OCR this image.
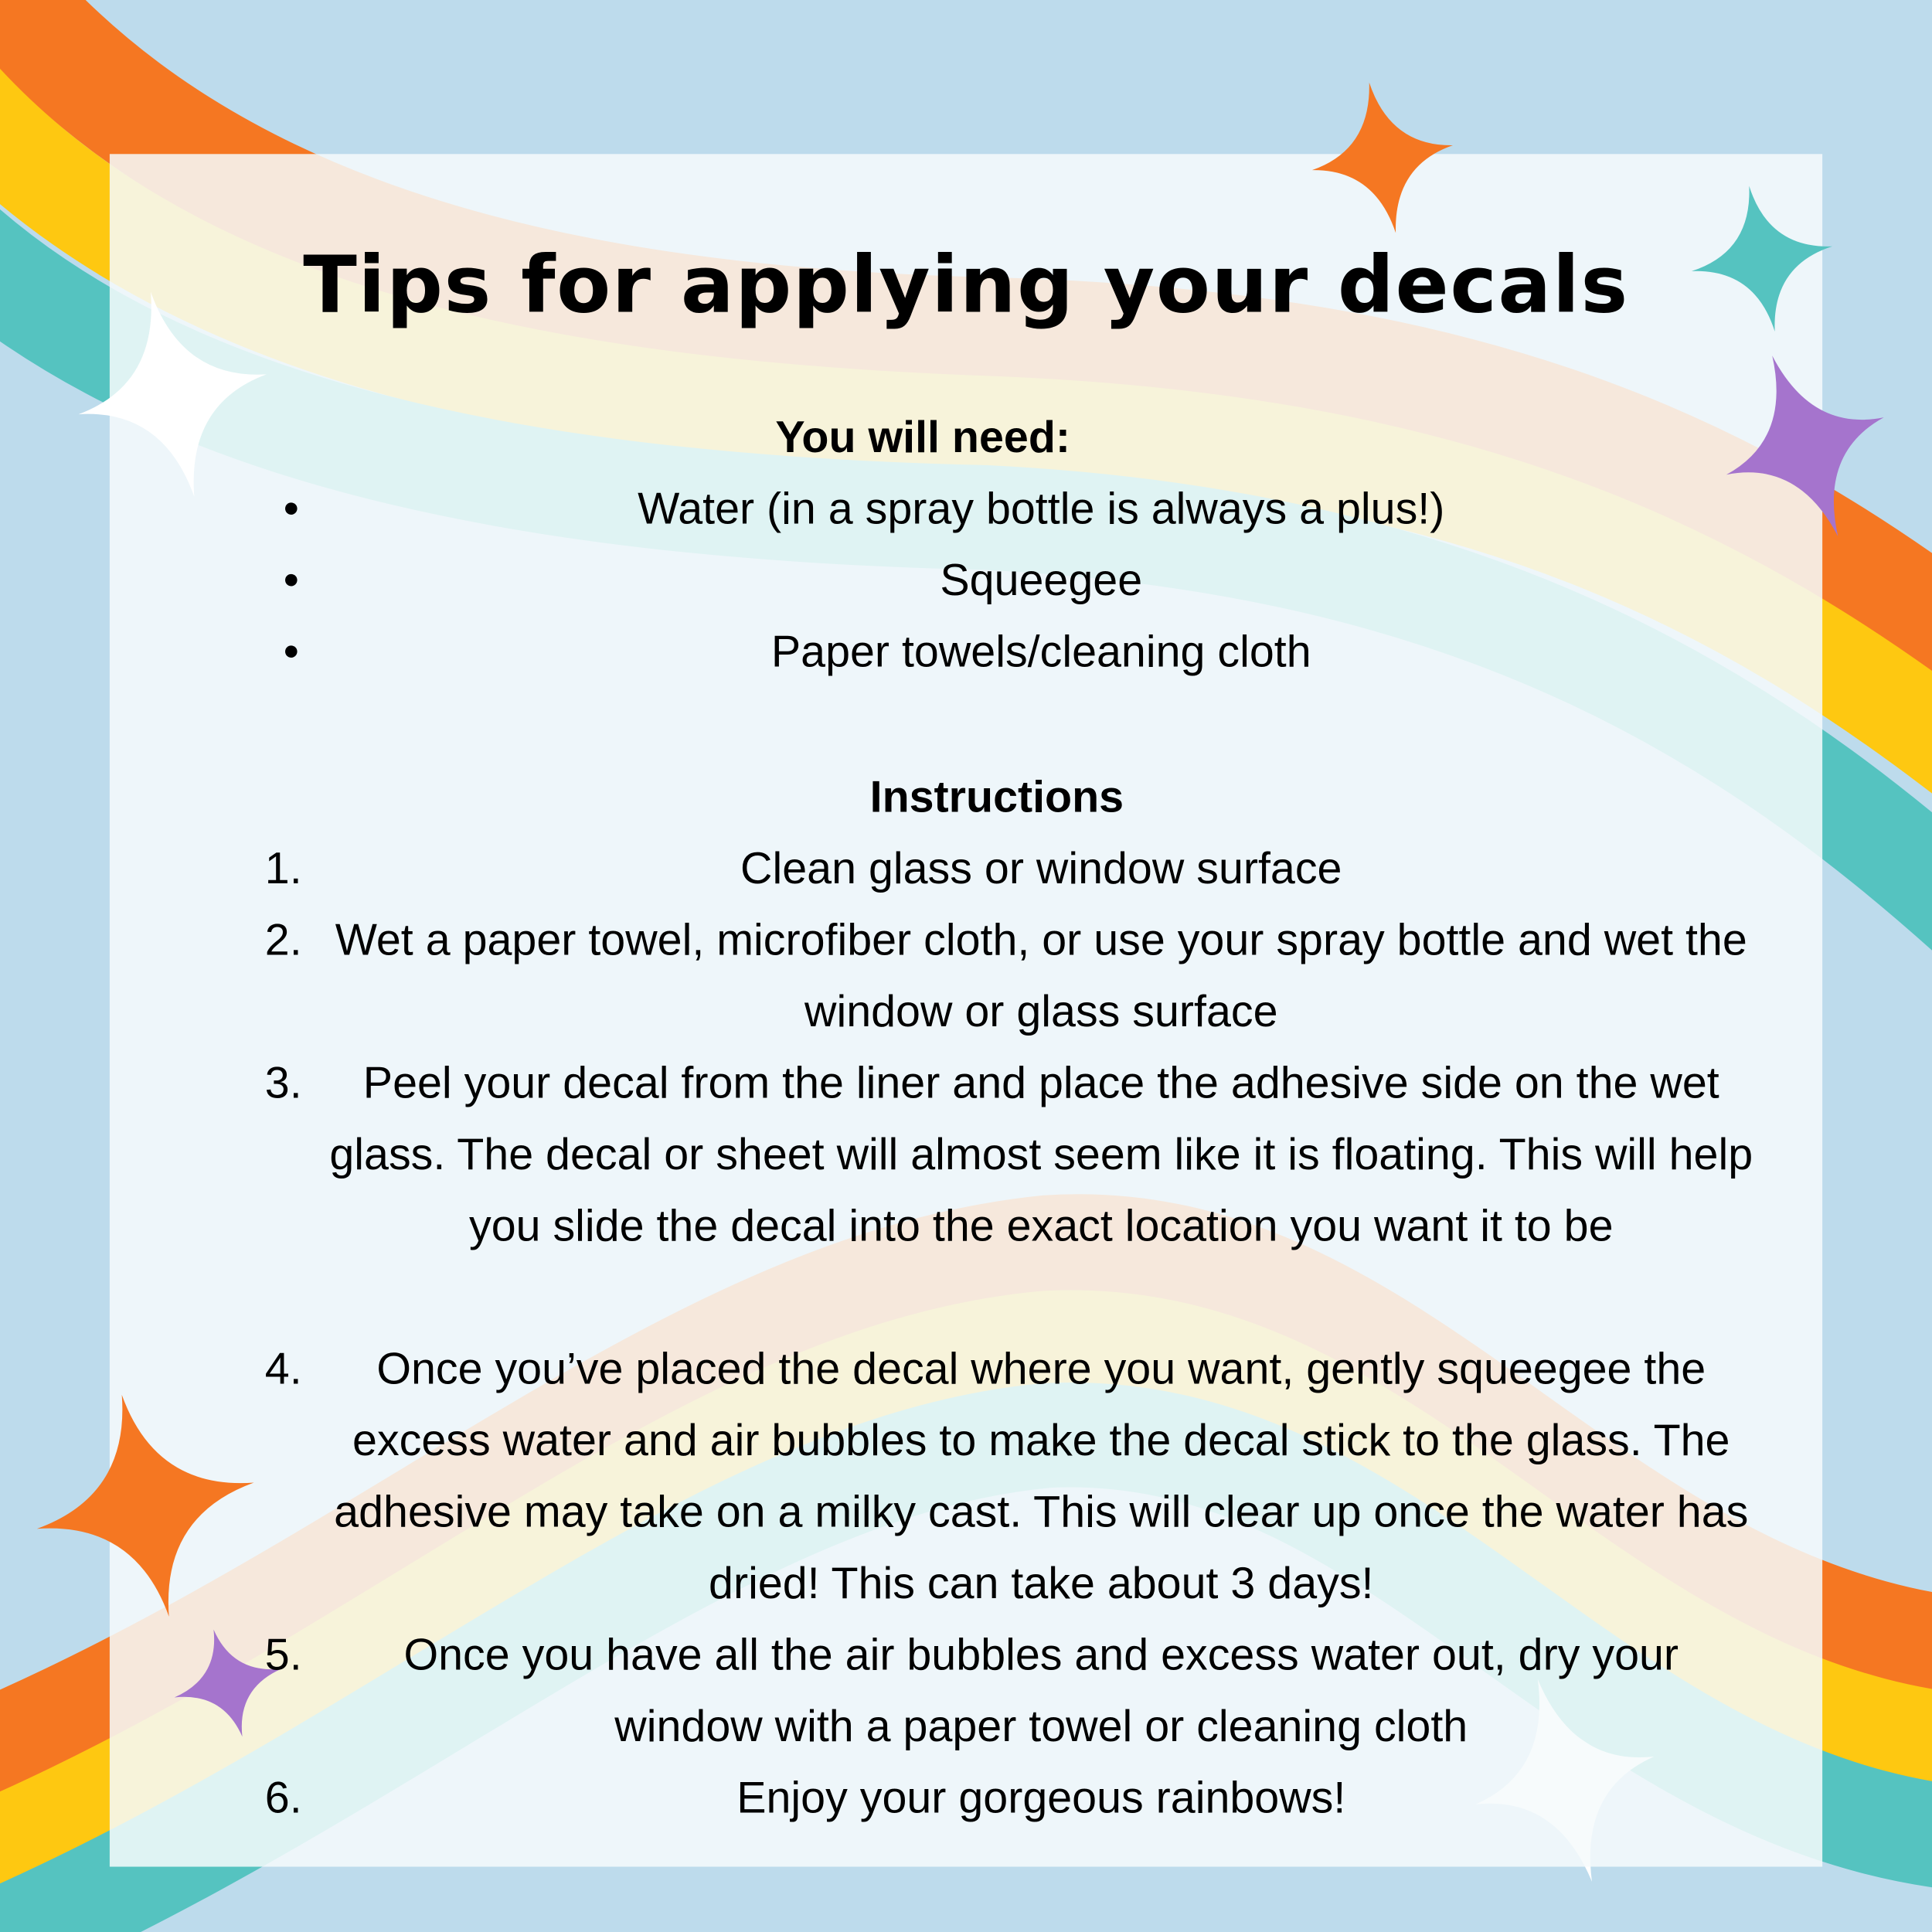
Tips for applying your decals
You will need:
•	Water (in a spray bottle is always a plus!)
•	Squeegee
•	Paper towels/cleaning cloth
Instructions
1.	Clean glass or window surface
2. Wet a paper towel, microfiber cloth, or use your spray bottle and wet the window or glass surface
3. Peel your decal from the liner and place the adhesive side on the wet glass. The decal or sheet will almost seem like it is floating. This will help you slide the decal into the exact location you want it to be
4.	Once you’ve placed the decal where you want, gently squeegee the excess water and air bubbles to make the decal stick to the glass. The adhesive may take on a milky cast. This will clear up once the water has dried! This can take about 3 days!
5.	Once you have all the air bubbles and excess water out, dry your window with a paper towel or cleaning cloth
6.	Enjoy your gorgeous rainbows!
